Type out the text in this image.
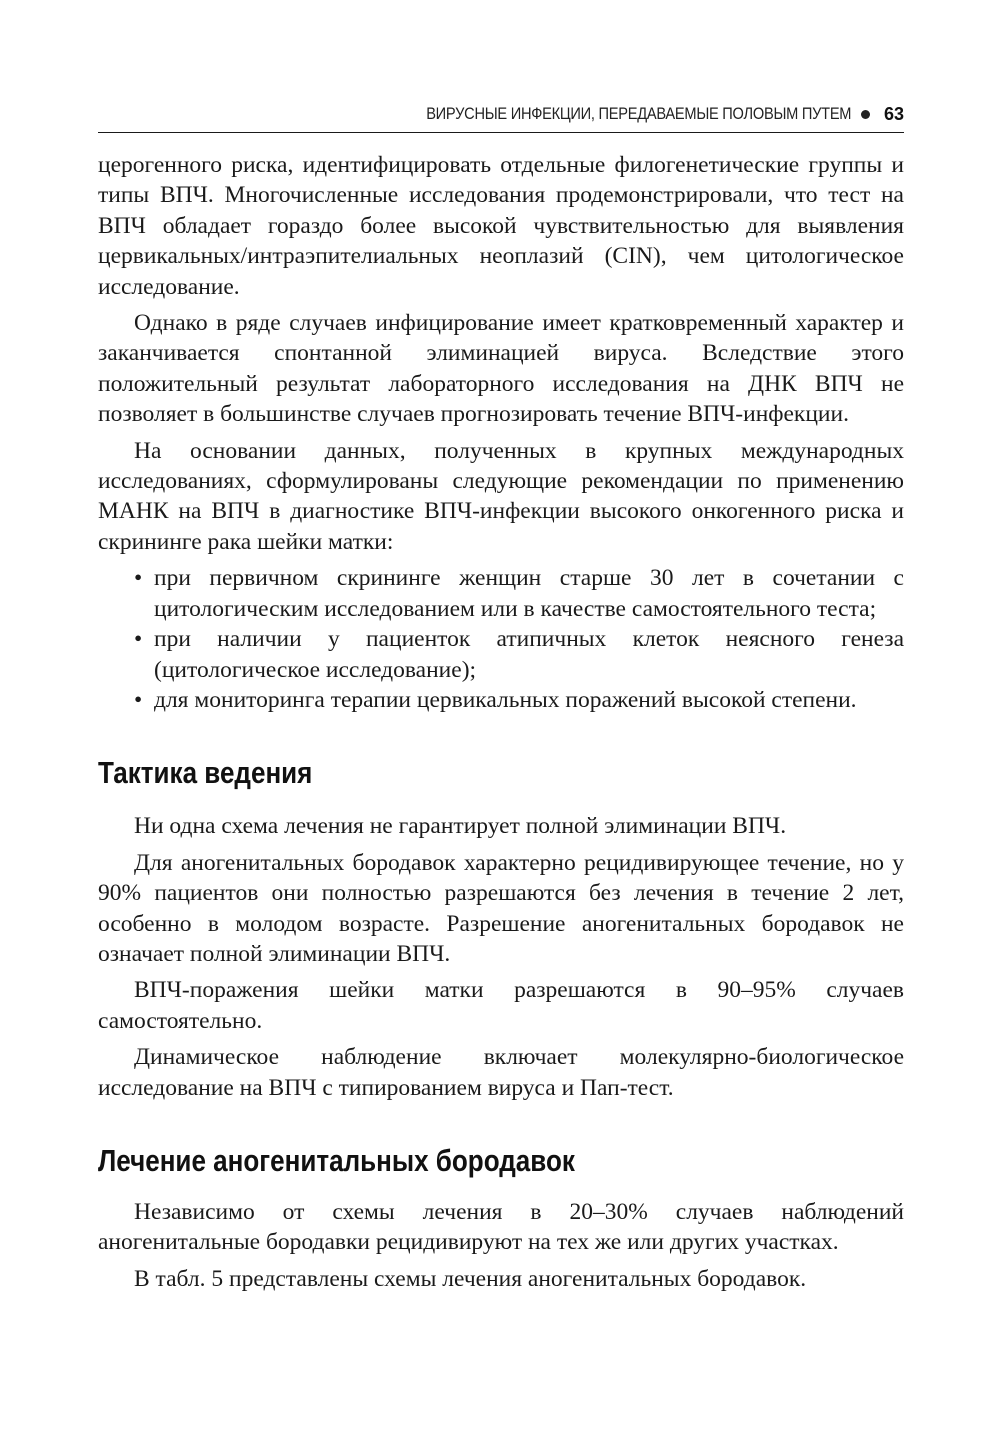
ВИРУСНЫЕ ИНФЕКЦИИ, ПЕРЕДАВАЕМЫЕ ПОЛОВЫМ ПУТЕМ 63

церогенного риска, идентифицировать отдельные филогенетические группы и типы ВПЧ. Многочисленные исследования продемонстрировали, что тест на ВПЧ обладает гораздо более высокой чувствительностью для выявления цервикальных/интраэпителиальных неоплазий (CIN), чем цитологическое исследование.

Однако в ряде случаев инфицирование имеет кратковременный характер и заканчивается спонтанной элиминацией вируса. Вследствие этого положительный результат лабораторного исследования на ДНК ВПЧ не позволяет в большинстве случаев прогнозировать течение ВПЧ-инфекции.

На основании данных, полученных в крупных международных исследованиях, сформулированы следующие рекомендации по применению МАНК на ВПЧ в диагностике ВПЧ-инфекции высокого онкогенного риска и скрининге рака шейки матки:

• при первичном скрининге женщин старше 30 лет в сочетании с цитологическим исследованием или в качестве самостоятельного теста;
• при наличии у пациенток атипичных клеток неясного генеза (цитологическое исследование);
• для мониторинга терапии цервикальных поражений высокой степени.
Тактика ведения

Ни одна схема лечения не гарантирует полной элиминации ВПЧ.

Для аногенитальных бородавок характерно рецидивирующее течение, но у 90% пациентов они полностью разрешаются без лечения в течение 2 лет, особенно в молодом возрасте. Разрешение аногенитальных бородавок не означает полной элиминации ВПЧ.

ВПЧ-поражения шейки матки разрешаются в 90–95% случаев самостоятельно.

Динамическое наблюдение включает молекулярно-биологическое исследование на ВПЧ с типированием вируса и Пап-тест.

Лечение аногенитальных бородавок

Независимо от схемы лечения в 20–30% случаев наблюдений аногенитальные бородавки рецидивируют на тех же или других участках.

В табл. 5 представлены схемы лечения аногенитальных бородавок.
